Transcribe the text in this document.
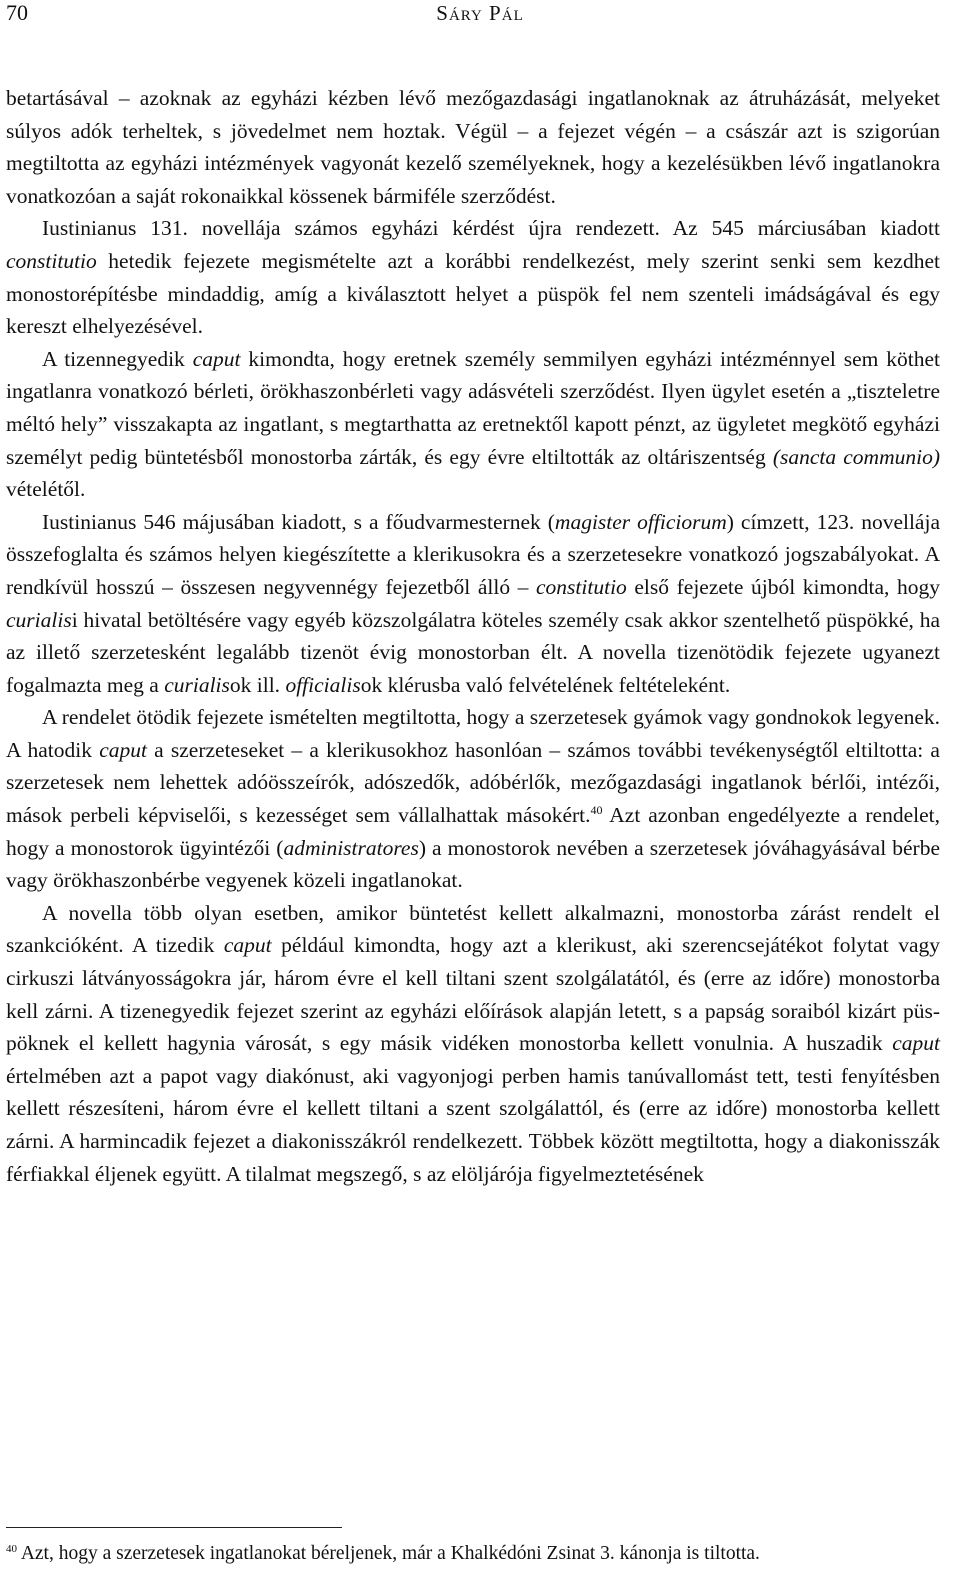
70	SÁRY PÁL

betartásával – azoknak az egyházi kézben lévő mezőgazdasági ingatlanoknak az átruházását, melyeket súlyos adók terheltek, s jövedelmet nem hoztak. Végül – a fejezet végén – a császár azt is szigorúan megtiltotta az egyházi intézmények vagyonát kezelő személyeknek, hogy a kezelésükben lévő ingatlanokra vonatkozóan a saját rokonaikkal kössenek bármiféle szerződést.

Iustinianus 131. novellája számos egyházi kérdést újra rendezett. Az 545 márciusában kiadott constitutio hetedik fejezete megismételte azt a korábbi rendelkezést, mely szerint senki sem kezdhet monostorépítésbe mindaddig, amíg a kiválasztott helyet a püspök fel nem szenteli imádságával és egy kereszt elhelyezésével.

A tizennegyedik caput kimondta, hogy eretnek személy semmilyen egyházi intézménnyel sem köthet ingatlanra vonatkozó bérleti, örökhaszonbérleti vagy adásvételi szerződést. Ilyen ügylet esetén a „tiszteletre méltó hely” visszakapta az ingatlant, s megtarthatta az eretnektől kapott pénzt, az ügyletet megkötő egyházi személyt pedig büntetésből monostorba zárták, és egy évre eltiltották az oltáriszentség (sancta communio) vételétől.

Iustinianus 546 májusában kiadott, s a főudvarmesternek (magister officiorum) címzett, 123. novellája összefoglalta és számos helyen kiegészítette a klerikusokra és a szerzetesekre vonatkozó jogszabályokat. A rendkívül hosszú – összesen negyvennégy fejezetből álló – constitutio első fejezete újból kimondta, hogy curialisi hivatal betöltésére vagy egyéb közszolgálatra köteles személy csak akkor szentelhető püspökké, ha az illető szerzetesként legalább tizenöt évig monostorban élt. A novella tizenötödik fejezete ugyanezt fogalmazta meg a curialisok ill. officialisok klérusba való felvételének feltételeként.

A rendelet ötödik fejezete ismételten megtiltotta, hogy a szerzetesek gyámok vagy gondnokok legyenek. A hatodik caput a szerzeteseket – a klerikusokhoz hasonlóan – számos további tevékenységtől eltiltotta: a szerzetesek nem lehettek adóösszeírók, adószedők, adóbérlők, mezőgazdasági ingatlanok bérlői, intézői, mások perbeli képviselői, s kezességet sem vállalhattak másokért.$^{40}$ Azt azonban engedélyezte a rendelet, hogy a monostorok ügyintézői (administratores) a monostorok nevében a szerzetesek jóváhagyásával bérbe vagy örökhaszonbérbe vegyenek közeli ingatlanokat.

A novella több olyan esetben, amikor büntetést kellett alkalmazni, monostorba zárást rendelt el szankcióként. A tizedik caput például kimondta, hogy azt a klerikust, aki szerencsejátékot folytat vagy cirkuszi látványosságokra jár, három évre el kell tiltani szent szolgálatától, és (erre az időre) monostorba kell zárni. A tizenegyedik fejezet szerint az egyházi előírások alapján letett, s a papság soraiból kizárt püspöknek el kellett hagynia városát, s egy másik vidéken monostorba kellett vonulnia. A huszadik caput értelmében azt a papot vagy diakónust, aki vagyonjogi perben hamis tanúvallomást tett, testi fenyítésben kellett részesíteni, három évre el kellett tiltani a szent szolgálattól, és (erre az időre) monostorba kellett zárni. A harmincadik fejezet a diakonisszákról rendelkezett. Többek között megtiltotta, hogy a diakonisszák férfiakkal éljenek együtt. A tilalmat megszegő, s az elöljárója figyelmeztetésének

$^{40}$ Azt, hogy a szerzetesek ingatlanokat béreljenek, már a Khalkédóni Zsinat 3. kánonja is tiltotta.
